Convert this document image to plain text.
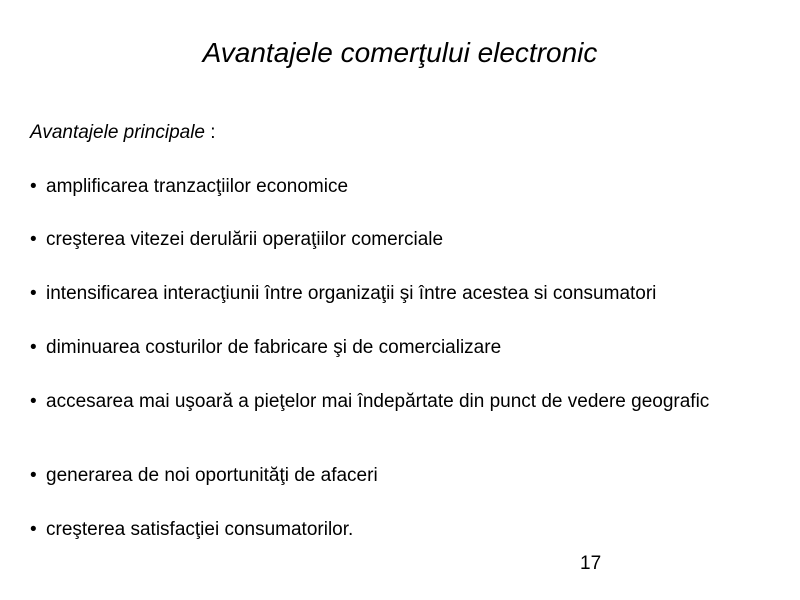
Avantajele comerţului electronic
Avantajele principale :
• amplificarea tranzacţiilor economice
• creşterea vitezei derulării operaţiilor comerciale
• intensificarea interacţiunii între organizaţii şi între acestea si consumatori
• diminuarea costurilor de fabricare şi de comercializare
• accesarea mai uşoară a pieţelor mai îndepărtate din punct de vedere geografic
• generarea de noi oportunităţi de afaceri
• creşterea satisfacţiei consumatorilor.
17
